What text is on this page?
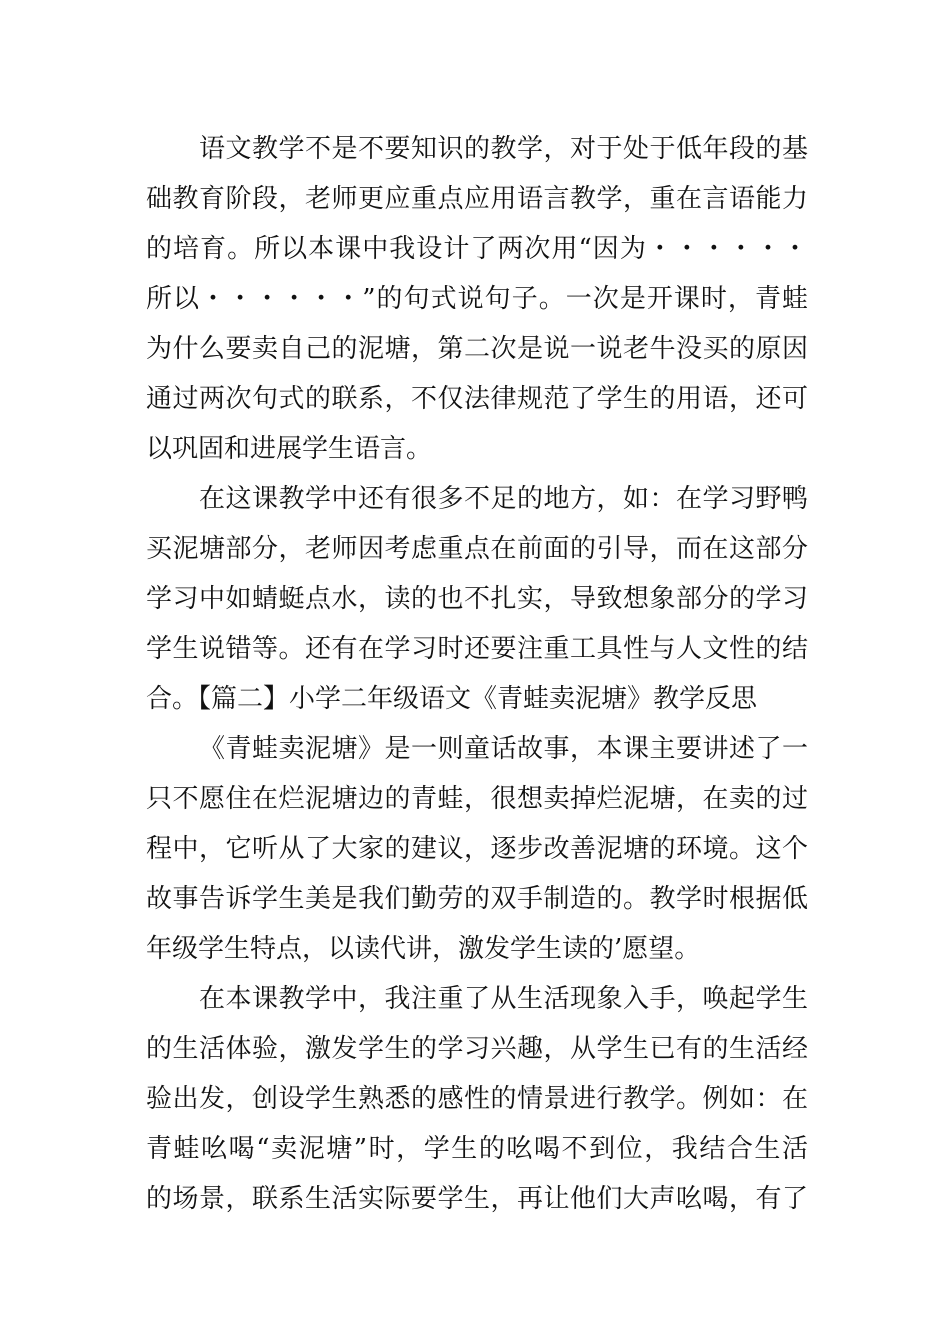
语文教学不是不要知识的教学，对于处于低年段的基
础教育阶段，老师更应重点应用语言教学，重在言语能力
的培育。所以本课中我设计了两次用“因为・・・・・・
所以・・・・・・”的句式说句子。一次是开课时，青蛙
为什么要卖自己的泥塘，第二次是说一说老牛没买的原因
通过两次句式的联系，不仅法律规范了学生的用语，还可
以巩固和进展学生语言。
在这课教学中还有很多不足的地方，如：在学习野鸭
买泥塘部分，老师因考虑重点在前面的引导，而在这部分
学习中如蜻蜓点水，读的也不扎实，导致想象部分的学习
学生说错等。还有在学习时还要注重工具性与人文性的结
合。【篇二】小学二年级语文《青蛙卖泥塘》教学反思
《青蛙卖泥塘》是一则童话故事，本课主要讲述了一
只不愿住在烂泥塘边的青蛙，很想卖掉烂泥塘，在卖的过
程中，它听从了大家的建议，逐步改善泥塘的环境。这个
故事告诉学生美是我们勤劳的双手制造的。教学时根据低
年级学生特点，以读代讲，激发学生读的’愿望。
在本课教学中，我注重了从生活现象入手，唤起学生
的生活体验，激发学生的学习兴趣，从学生已有的生活经
验出发，创设学生熟悉的感性的情景进行教学。例如：在
青蛙吆喝“卖泥塘”时，学生的吆喝不到位，我结合生活
的场景，联系生活实际要学生，再让他们大声吆喝，有了
